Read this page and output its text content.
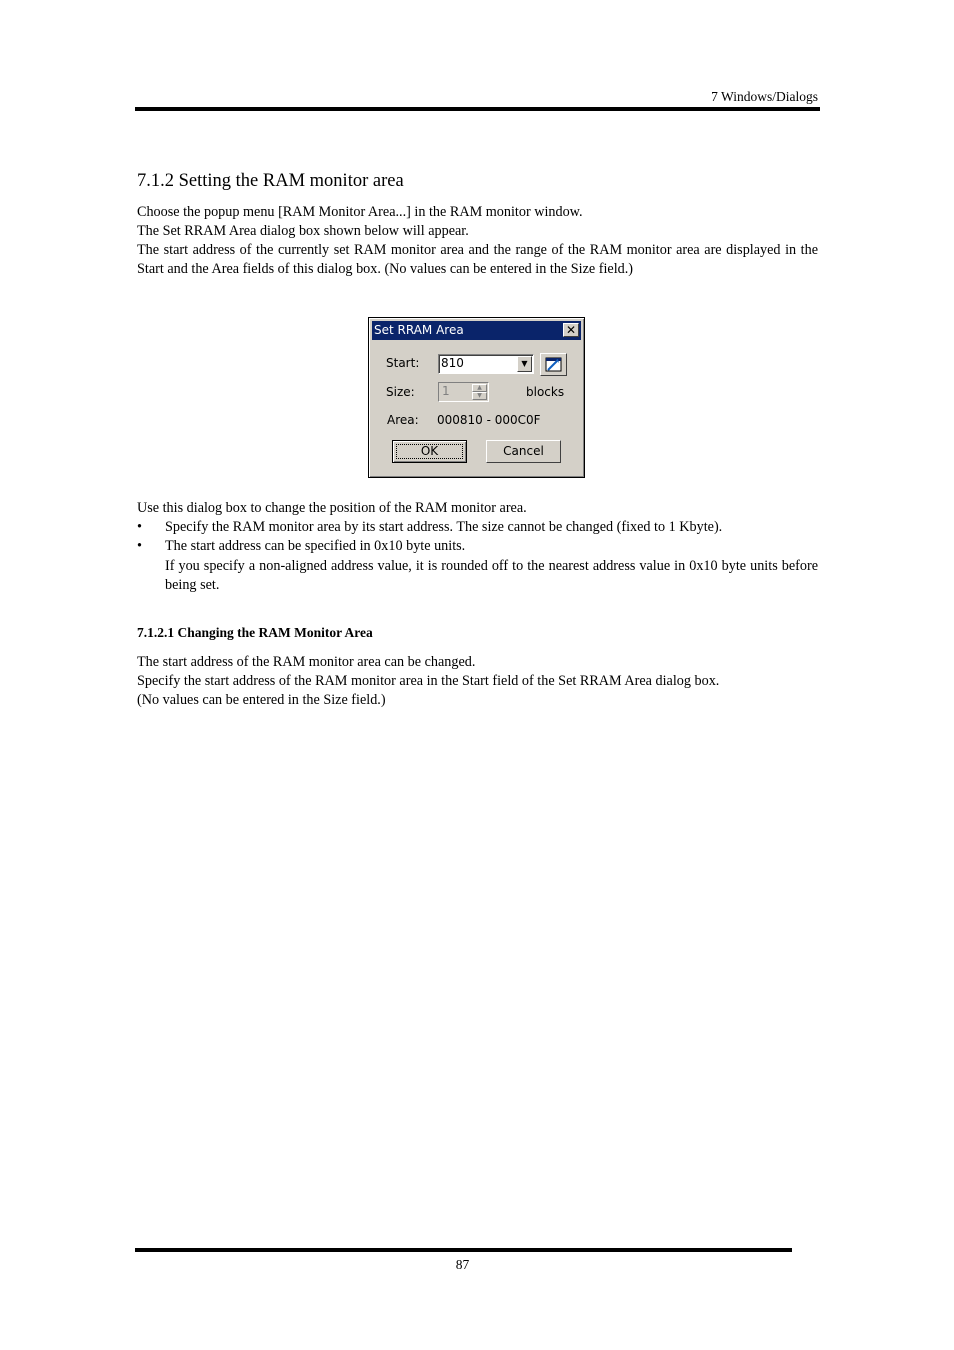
7 Windows/Dialogs
7.1.2 Setting the RAM monitor area
Choose the popup menu [RAM Monitor Area...] in the RAM monitor window.
The Set RRAM Area dialog box shown below will appear.
The start address of the currently set RAM monitor area and the range of the RAM monitor area are displayed in the Start and the Area fields of this dialog box. (No values can be entered in the Size field.)
Set RRAM Area	✕
Start: 810	▼
Size: 1	▲
▼	blocks
Area: 000810 - 000C0F
OK	Cancel
Use this dialog box to change the position of the RAM monitor area.
• Specify the RAM monitor area by its start address. The size cannot be changed (fixed to 1 Kbyte).
• The start address can be specified in 0x10 byte units.
If you specify a non-aligned address value, it is rounded off to the nearest address value in 0x10 byte units before being set.
7.1.2.1 Changing the RAM Monitor Area
The start address of the RAM monitor area can be changed.
Specify the start address of the RAM monitor area in the Start field of the Set RRAM Area dialog box.
(No values can be entered in the Size field.)
87
